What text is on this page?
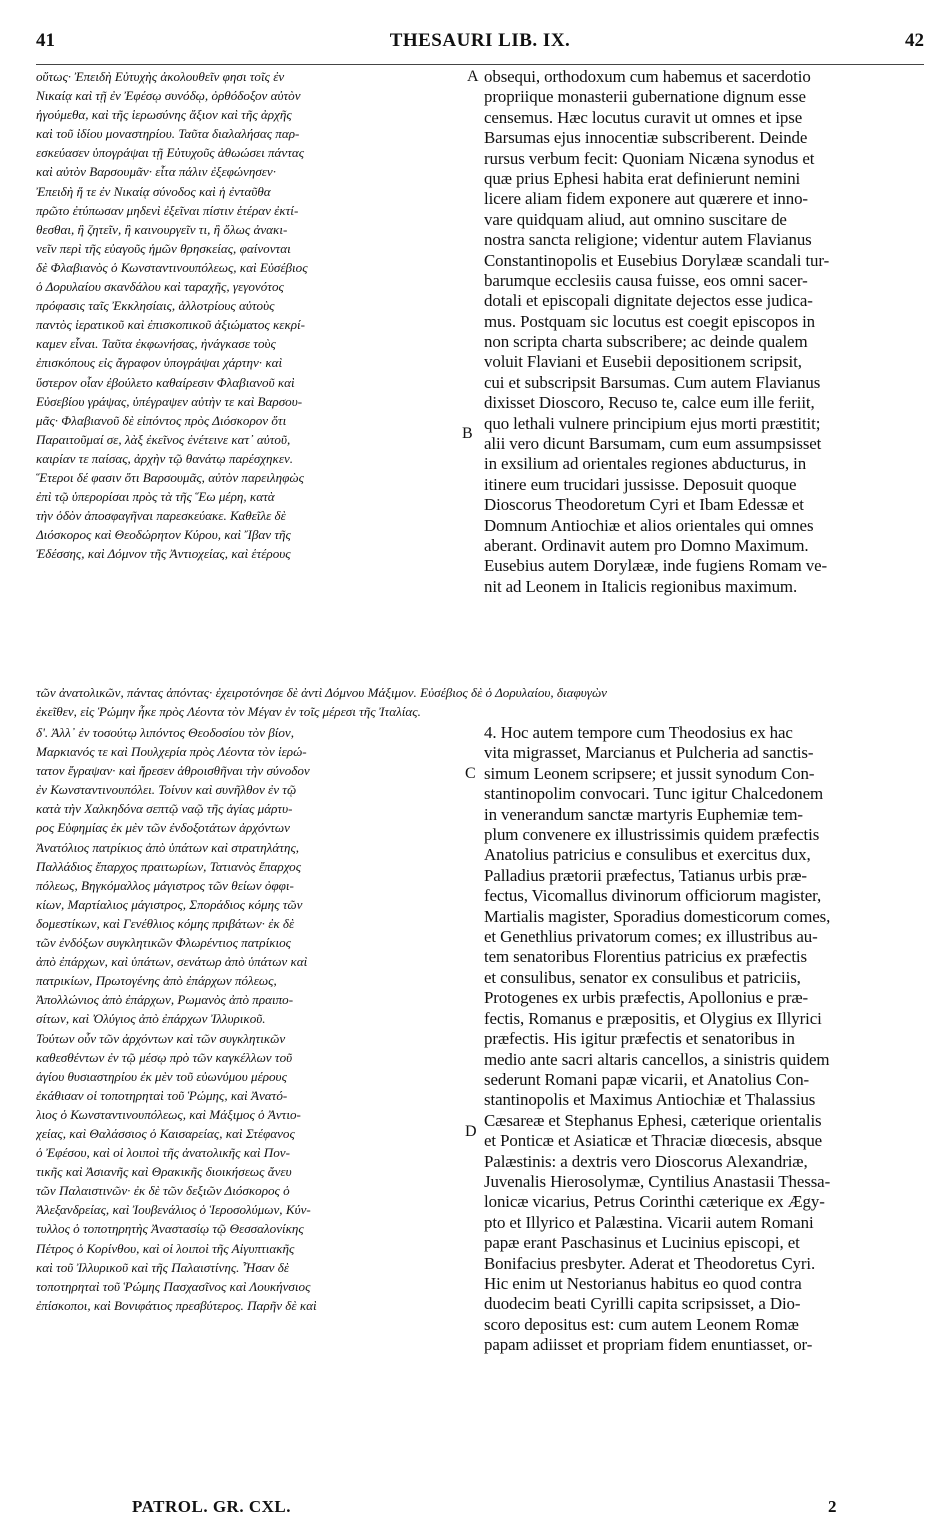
41	THESAURI LIB. IX.	42
οὕτως· Ἐπειδὴ Εὐτυχὴς ἀκολουθεῖν φησι τοῖς ἐν
Νικαίᾳ καὶ τῇ ἐν Ἐφέσῳ συνόδῳ, ὀρθόδοξον αὐτὸν
ἡγούμεθα, καὶ τῆς ἱερωσύνης ἄξιον καὶ τῆς ἀρχῆς
καὶ τοῦ ἰδίου μοναστηρίου. Ταῦτα διαλαλήσας παρ-
εσκεύασεν ὑπογράψαι τῇ Εὐτυχοῦς ἀθωώσει πάντας
καὶ αὐτὸν Βαρσουμᾶν· εἶτα πάλιν ἐξεφώνησεν·
Ἐπειδὴ ἥ τε ἐν Νικαίᾳ σύνοδος καὶ ἡ ἐνταῦθα
πρῶτο ἐτύπωσαν μηδενὶ ἐξεῖναι πίστιν ἑτέραν ἐκτί-
θεσθαι, ἢ ζητεῖν, ἢ καινουργεῖν τι, ἢ ὅλως ἀνακι-
νεῖν περὶ τῆς εὐαγοῦς ἡμῶν θρησκείας, φαίνονται
δὲ Φλαβιανὸς ὁ Κωνσταντινουπόλεως, καὶ Εὐσέβιος
ὁ Δορυλαίου σκανδάλου καὶ ταραχῆς, γεγονότος
πρόφασις ταῖς Ἐκκλησίαις, ἀλλοτρίους αὐτοὺς
παντὸς ἱερατικοῦ καὶ ἐπισκοπικοῦ ἀξιώματος κεκρί-
καμεν εἶναι. Ταῦτα ἐκφωνήσας, ἠνάγκασε τοὺς
ἐπισκόπους εἰς ἄγραφον ὑπογράψαι χάρτην· καὶ
ὕστερον οἷαν ἐβούλετο καθαίρεσιν Φλαβιανοῦ καὶ
Εὐσεβίου γράψας, ὑπέγραψεν αὐτὴν τε καὶ Βαρσου-
μᾶς· Φλαβιανοῦ δὲ εἰπόντος πρὸς Διόσκορον ὅτι
Παραιτοῦμαί σε, λὰξ ἐκεῖνος ἐνέτεινε κατ᾽ αὐτοῦ,
καιρίαν τε παίσας, ἀρχὴν τῷ θανάτῳ παρέσχηκεν.
Ἕτεροι δέ φασιν ὅτι Βαρσουμᾶς, αὐτὸν παρειληφὼς
ἐπὶ τῷ ὑπερορίσαι πρὸς τὰ τῆς Ἕω μέρη, κατὰ
τὴν ὁδὸν ἀποσφαγῆναι παρεσκεύακε. Καθεῖλε δὲ
Διόσκορος καὶ Θεοδώρητον Κύρου, καὶ Ἴβαν τῆς
Ἐδέσσης, καὶ Δόμνον τῆς Ἀντιοχείας, καὶ ἑτέρους
obsequi, orthodoxum cum habemus et sacerdotio
propriique monasterii gubernatione dignum esse
censemus. Hæc locutus curavit ut omnes et ipse
Barsumas ejus innocentiæ subscriberent. Deinde
rursus verbum fecit: Quoniam Nicæna synodus et
quæ prius Ephesi habita erat definierunt nemini
licere aliam fidem exponere aut quærere et inno-
vare quidquam aliud, aut omnino suscitare de
nostra sancta religione; videntur autem Flavianus
Constantinopolis et Eusebius Dorylææ scandali tur-
barumque ecclesiis causa fuisse, eos omni sacer-
dotali et episcopali dignitate dejectos esse judica-
mus. Postquam sic locutus est coegit episcopos in
non scripta charta subscribere; ac deinde qualem
voluit Flaviani et Eusebii depositionem scripsit,
cui et subscripsit Barsumas. Cum autem Flavianus
dixisset Dioscoro, Recuso te, calce eum ille feriit,
quo lethali vulnere principium ejus morti præstitit;
alii vero dicunt Barsumam, cum eum assumpsisset
in exsilium ad orientales regiones abducturus, in
itinere eum trucidari jussisse. Deposuit quoque
Dioscorus Theodoretum Cyri et Ibam Edessæ et
Domnum Antiochiæ et alios orientales qui omnes
aberant. Ordinavit autem pro Domno Maximum.
Eusebius autem Dorylææ, inde fugiens Romam ve-
nit ad Leonem in Italicis regionibus maximum.
A
B
τῶν ἀνατολικῶν, πάντας ἀπόντας· ἐχειροτόνησε δὲ ἀντὶ Δόμνου Μάξιμον. Εὐσέβιος δὲ ὁ Δορυλαίου, διαφυγὼν
ἐκεῖθεν, εἰς Ῥώμην ἧκε πρὸς Λέοντα τὸν Μέγαν ἐν τοῖς μέρεσι τῆς Ἰταλίας.
δ'. Ἀλλ᾽ ἐν τοσούτῳ λιπόντος Θεοδοσίου τὸν βίον,
Μαρκιανός τε καὶ Πουλχερία πρὸς Λέοντα τὸν ἱερώ-
τατον ἔγραψαν· καὶ ἤρεσεν ἀθροισθῆναι τὴν σύνοδον
ἐν Κωνσταντινουπόλει. Τοίνυν καὶ συνῆλθον ἐν τῷ
κατὰ τὴν Χαλκηδόνα σεπτῷ ναῷ τῆς ἁγίας μάρτυ-
ρος Εὐφημίας ἐκ μὲν τῶν ἐνδοξοτάτων ἀρχόντων
Ἀνατόλιος πατρίκιος ἀπὸ ὑπάτων καὶ στρατηλάτης,
Παλλάδιος ἔπαρχος πραιτωρίων, Τατιανὸς ἔπαρχος
πόλεως, Βηγκόμαλλος μάγιστρος τῶν θείων ὀφφι-
κίων, Μαρτίαλιος μάγιστρος, Σποράδιος κόμης τῶν
δομεστίκων, καὶ Γενέθλιος κόμης πριβάτων· ἐκ δὲ
τῶν ἐνδόξων συγκλητικῶν Φλωρέντιος πατρίκιος
ἀπὸ ἐπάρχων, καὶ ὑπάτων, σενάτωρ ἀπὸ ὑπάτων καὶ
πατρικίων, Πρωτογένης ἀπὸ ἐπάρχων πόλεως,
Ἀπολλώνιος ἀπὸ ἐπάρχων, Ρωμανὸς ἀπὸ πραιπο-
σίτων, καὶ Ὀλύγιος ἀπὸ ἐπάρχων Ἰλλυρικοῦ.
Τούτων οὖν τῶν ἀρχόντων καὶ τῶν συγκλητικῶν
καθεσθέντων ἐν τῷ μέσῳ πρὸ τῶν καγκέλλων τοῦ
ἁγίου θυσιαστηρίου ἐκ μὲν τοῦ εὐωνύμου μέρους
ἐκάθισαν οἱ τοποτηρηταὶ τοῦ Ῥώμης, καὶ Ἀνατό-
λιος ὁ Κωνσταντινουπόλεως, καὶ Μάξιμος ὁ Ἀντιο-
χείας, καὶ Θαλάσσιος ὁ Καισαρείας, καὶ Στέφανος
ὁ Ἐφέσου, καὶ οἱ λοιποὶ τῆς ἀνατολικῆς καὶ Πον-
τικῆς καὶ Ἀσιανῆς καὶ Θρακικῆς διοικήσεως ἄνευ
τῶν Παλαιστινῶν· ἐκ δὲ τῶν δεξιῶν Διόσκορος ὁ
Ἀλεξανδρείας, καὶ Ἰουβενάλιος ὁ Ἱεροσολύμων, Κύν-
τυλλος ὁ τοποτηρητὴς Ἀναστασίῳ τῷ Θεσσαλονίκης
Πέτρος ὁ Κορίνθου, καὶ οἱ λοιποὶ τῆς Αἰγυπτιακῆς
καὶ τοῦ Ἰλλυρικοῦ καὶ τῆς Παλαιστίνης. Ἦσαν δὲ
τοποτηρηταὶ τοῦ Ῥώμης Πασχασῖνος καὶ Λουκήνσιος
ἐπίσκοποι, καὶ Βονιφάτιος πρεσβύτερος. Παρῆν δὲ καὶ
4. Hoc autem tempore cum Theodosius ex hac
vita migrasset, Marcianus et Pulcheria ad sanctis-
simum Leonem scripsere; et jussit synodum Con-
stantinopolim convocari. Tunc igitur Chalcedonem
in venerandum sanctæ martyris Euphemiæ tem-
plum convenere ex illustrissimis quidem præfectis
Anatolius patricius e consulibus et exercitus dux,
Palladius prætorii præfectus, Tatianus urbis præ-
fectus, Vicomallus divinorum officiorum magister,
Martialis magister, Sporadius domesticorum comes,
et Genethlius privatorum comes; ex illustribus au-
tem senatoribus Florentius patricius ex præfectis
et consulibus, senator ex consulibus et patriciis,
Protogenes ex urbis præfectis, Apollonius e præ-
fectis, Romanus e præpositis, et Olygius ex Illyrici
præfectis. His igitur præfectis et senatoribus in
medio ante sacri altaris cancellos, a sinistris quidem
sederunt Romani papæ vicarii, et Anatolius Con-
stantinopolis et Maximus Antiochiæ et Thalassius
Cæsareæ et Stephanus Ephesi, cæterique orientalis
et Ponticæ et Asiaticæ et Thraciæ diœcesis, absque
Palæstinis: a dextris vero Dioscorus Alexandriæ,
Juvenalis Hierosolymæ, Cyntilius Anastasii Thessa-
lonicæ vicarius, Petrus Corinthi cæterique ex Ægy-
pto et Illyrico et Palæstina. Vicarii autem Romani
papæ erant Paschasinus et Lucinius episcopi, et
Bonifacius presbyter. Aderat et Theodoretus Cyri.
Hic enim ut Nestorianus habitus eo quod contra
duodecim beati Cyrilli capita scripsisset, a Dio-
scoro depositus est: cum autem Leonem Romæ
papam adiisset et propriam fidem enuntiasset, or-
C
D
PATROL. GR. CXL.	2
